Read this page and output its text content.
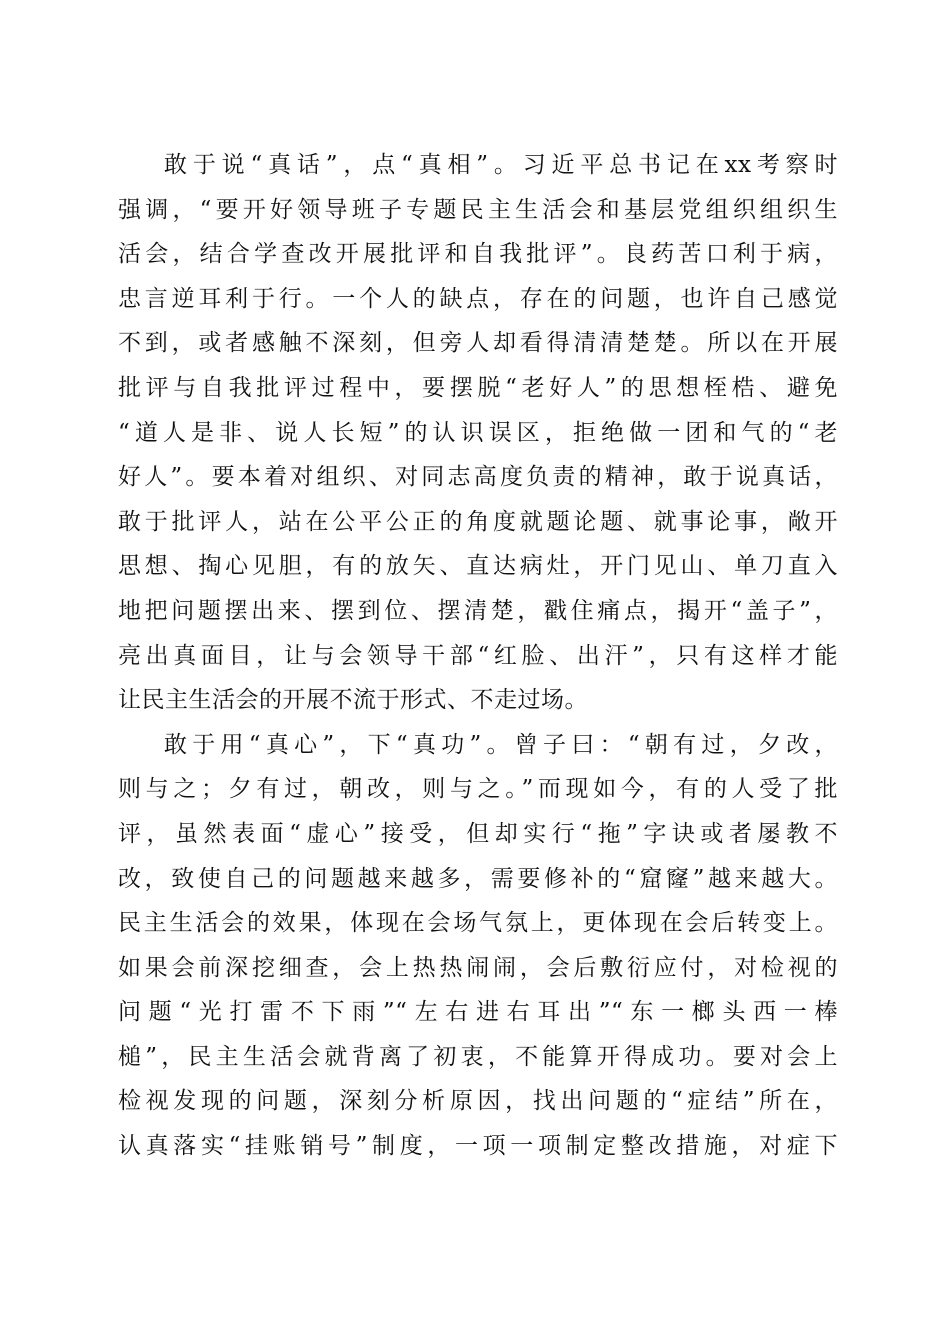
敢于说“真话”，点“真相”。习近平总书记在xx考察时
强调，“要开好领导班子专题民主生活会和基层党组织组织生
活会，结合学查改开展批评和自我批评”。良药苦口利于病，
忠言逆耳利于行。一个人的缺点，存在的问题，也许自己感觉
不到，或者感触不深刻，但旁人却看得清清楚楚。所以在开展
批评与自我批评过程中，要摆脱“老好人”的思想桎梏、避免
“道人是非、说人长短”的认识误区，拒绝做一团和气的“老
好人”。要本着对组织、对同志高度负责的精神，敢于说真话，
敢于批评人，站在公平公正的角度就题论题、就事论事，敞开
思想、掏心见胆，有的放矢、直达病灶，开门见山、单刀直入
地把问题摆出来、摆到位、摆清楚，戳住痛点，揭开“盖子”，
亮出真面目，让与会领导干部“红脸、出汗”，只有这样才能
让民主生活会的开展不流于形式、不走过场。
敢于用“真心”，下“真功”。曾子曰：“朝有过，夕改，
则与之；夕有过，朝改，则与之。”而现如今，有的人受了批
评，虽然表面“虚心”接受，但却实行“拖”字诀或者屡教不
改，致使自己的问题越来越多，需要修补的“窟窿”越来越大。
民主生活会的效果，体现在会场气氛上，更体现在会后转变上。
如果会前深挖细查，会上热热闹闹，会后敷衍应付，对检视的
问题“光打雷不下雨”“左右进右耳出”“东一榔头西一棒
槌”，民主生活会就背离了初衷，不能算开得成功。要对会上
检视发现的问题，深刻分析原因，找出问题的“症结”所在，
认真落实“挂账销号”制度，一项一项制定整改措施，对症下
